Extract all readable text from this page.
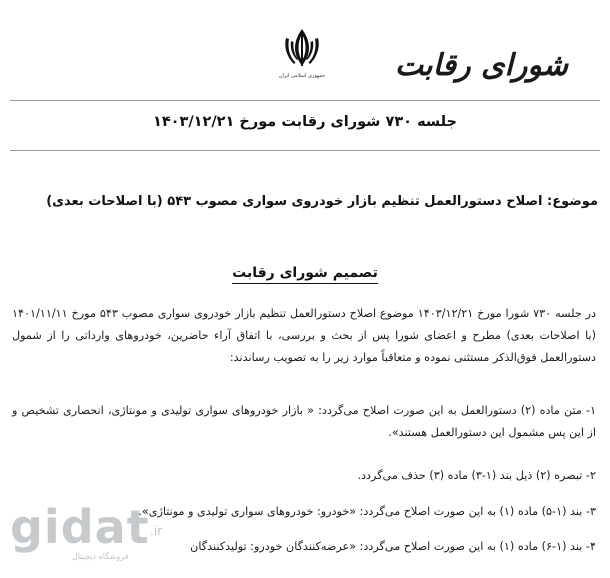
جمهوری اسلامی ایران شورای رقابت
جلسه ۷۳۰ شورای رقابت مورخ ۱۴۰۳/۱۲/۲۱
موضوع: اصلاح دستورالعمل تنظیم بازار خودروی سواری مصوب ۵۴۳ (با اصلاحات بعدی)
تصمیم شورای رقابت
در جلسه ۷۳۰ شورا مورخ ۱۴۰۳/۱۲/۲۱ موضوع اصلاح دستورالعمل تنظیم بازار خودروی سواری مصوب ۵۴۳ مورخ ۱۴۰۱/۱۱/۱۱ (با اصلاحات بعدی) مطرح و اعضای شورا پس از بحث و بررسی، با اتفاق آراء حاضرین، خودروهای وارداتی را از شمول دستورالعمل فوق‌الذکر مستثنی نموده و متعاقباً موارد زیر را به تصویب رساندند:
۱- متن ماده (۲) دستورالعمل به این صورت اصلاح می‌گردد: « بازار خودروهای سواری تولیدی و مونتاژی، انحصاری تشخیص و از این پس مشمول این دستورالعمل هستند».
۲- تبصره (۲) ذیل بند (۱-۳) ماده (۳) حذف می‌گردد.
۳- بند (۱-۵) ماده (۱) به این صورت اصلاح می‌گردد: «خودرو: خودروهای سواری تولیدی و مونتاژی».
۴- بند (۱-۶) ماده (۱) به این صورت اصلاح می‌گردد: «عرضه‌کنندگان خودرو: تولیدکنندگان
gidat .ir
فروشگاه دیجیتال
